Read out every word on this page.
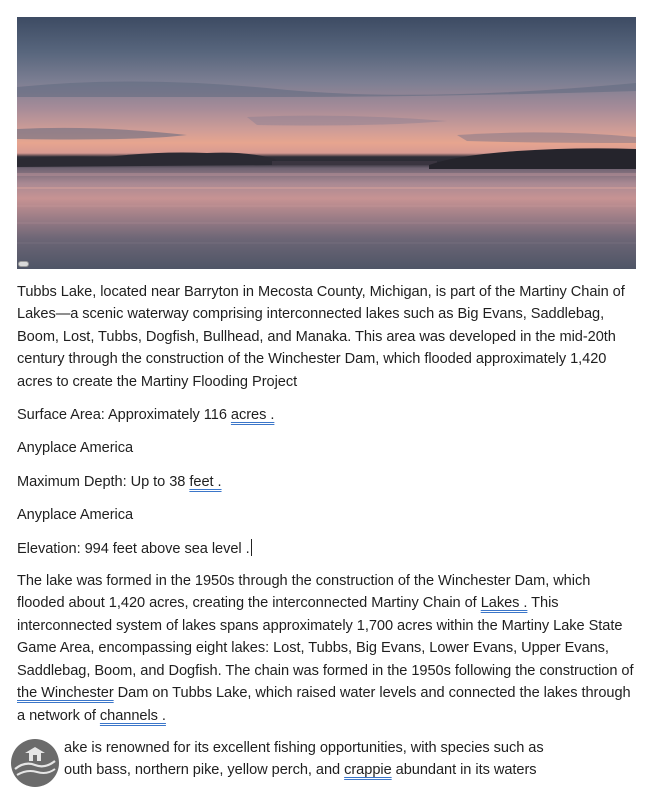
Tubbs Lake, located near Barryton in Mecosta County, Michigan, is part of the Martiny Chain of Lakes—a scenic waterway comprising interconnected lakes such as Big Evans, Saddlebag, Boom, Lost, Tubbs, Dogfish, Bullhead, and Manaka. This area was developed in the mid-20th century through the construction of the Winchester Dam, which flooded approximately 1,420 acres to create the Martiny Flooding Project

Surface Area: Approximately 116 acres .

Anyplace America

Maximum Depth: Up to 38 feet .

Anyplace America

Elevation: 994 feet above sea level .

The lake was formed in the 1950s through the construction of the Winchester Dam, which flooded about 1,420 acres, creating the interconnected Martiny Chain of Lakes . This interconnected system of lakes spans approximately 1,700 acres within the Martiny Lake State Game Area, encompassing eight lakes: Lost, Tubbs, Big Evans, Lower Evans, Upper Evans, Saddlebag, Boom, and Dogfish. The chain was formed in the 1950s following the construction of the Winchester Dam on Tubbs Lake, which raised water levels and connected the lakes through a network of channels .

ake is renowned for its excellent fishing opportunities, with species such as
outh bass, northern pike, yellow perch, and crappie abundant in its waters
